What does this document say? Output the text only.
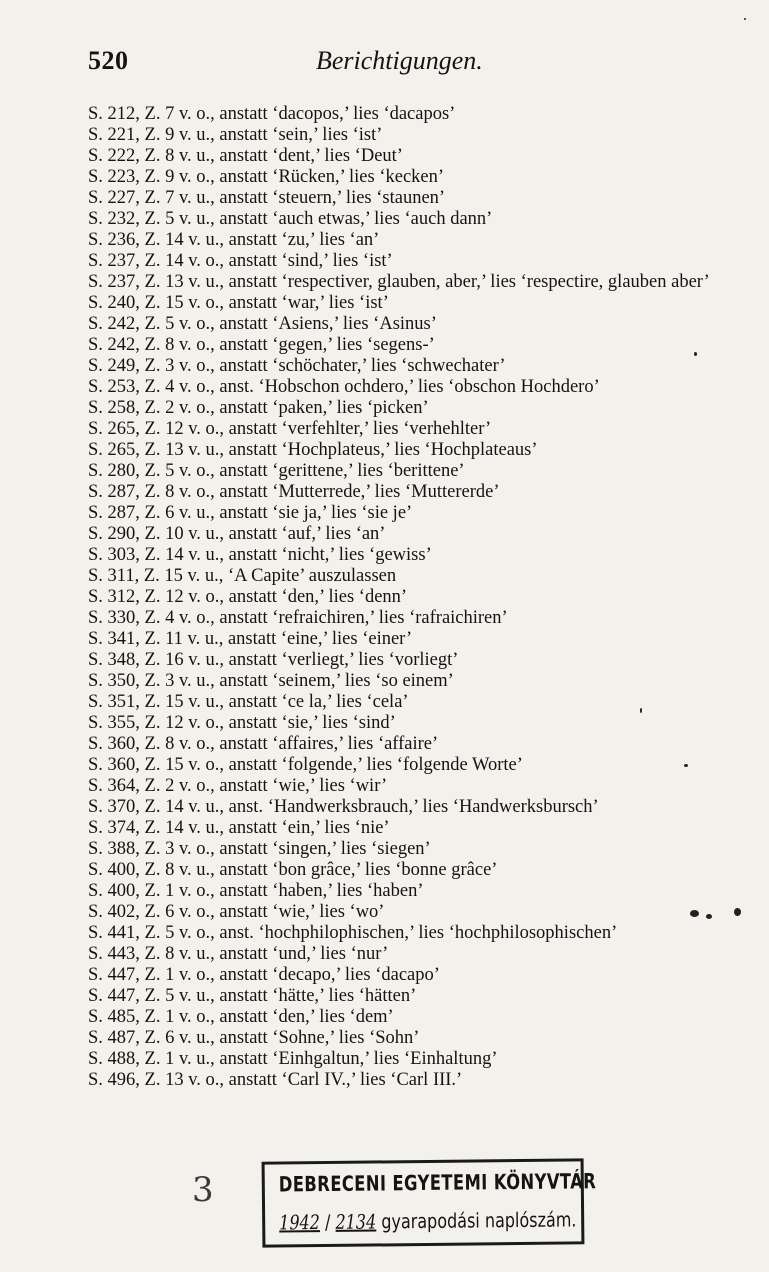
520	Berichtigungen.
S. 212, Z. 7 v. o., anstatt ‘dacopos,’ lies ‘dacapos’
S. 221, Z. 9 v. u., anstatt ‘sein,’ lies ‘ist’
S. 222, Z. 8 v. u., anstatt ‘dent,’ lies ‘Deut’
S. 223, Z. 9 v. o., anstatt ‘Rücken,’ lies ‘kecken’
S. 227, Z. 7 v. u., anstatt ‘steuern,’ lies ‘staunen’
S. 232, Z. 5 v. u., anstatt ‘auch etwas,’ lies ‘auch dann’
S. 236, Z. 14 v. u., anstatt ‘zu,’ lies ‘an’
S. 237, Z. 14 v. o., anstatt ‘sind,’ lies ‘ist’
S. 237, Z. 13 v. u., anstatt ‘respectiver, glauben, aber,’ lies ‘respectire, glauben aber’
S. 240, Z. 15 v. o., anstatt ‘war,’ lies ‘ist’
S. 242, Z. 5 v. o., anstatt ‘Asiens,’ lies ‘Asinus’
S. 242, Z. 8 v. o., anstatt ‘gegen,’ lies ‘segens-’
S. 249, Z. 3 v. o., anstatt ‘schöchater,’ lies ‘schwechater’
S. 253, Z. 4 v. o., anst. ‘Hobschon ochdero,’ lies ‘obschon Hochdero’
S. 258, Z. 2 v. o., anstatt ‘paken,’ lies ‘picken’
S. 265, Z. 12 v. o., anstatt ‘verfehlter,’ lies ‘verhehlter’
S. 265, Z. 13 v. u., anstatt ‘Hochplateus,’ lies ‘Hochplateaus’
S. 280, Z. 5 v. o., anstatt ‘gerittene,’ lies ‘berittene’
S. 287, Z. 8 v. o., anstatt ‘Mutterrede,’ lies ‘Muttererde’
S. 287, Z. 6 v. u., anstatt ‘sie ja,’ lies ‘sie je’
S. 290, Z. 10 v. u., anstatt ‘auf,’ lies ‘an’
S. 303, Z. 14 v. u., anstatt ‘nicht,’ lies ‘gewiss’
S. 311, Z. 15 v. u., ‘A Capite’ auszulassen
S. 312, Z. 12 v. o., anstatt ‘den,’ lies ‘denn’
S. 330, Z. 4 v. o., anstatt ‘refraichiren,’ lies ‘rafraichiren’
S. 341, Z. 11 v. u., anstatt ‘eine,’ lies ‘einer’
S. 348, Z. 16 v. u., anstatt ‘verliegt,’ lies ‘vorliegt’
S. 350, Z. 3 v. u., anstatt ‘seinem,’ lies ‘so einem’
S. 351, Z. 15 v. u., anstatt ‘ce la,’ lies ‘cela’
S. 355, Z. 12 v. o., anstatt ‘sie,’ lies ‘sind’
S. 360, Z. 8 v. o., anstatt ‘affaires,’ lies ‘affaire’
S. 360, Z. 15 v. o., anstatt ‘folgende,’ lies ‘folgende Worte’
S. 364, Z. 2 v. o., anstatt ‘wie,’ lies ‘wir’
S. 370, Z. 14 v. u., anst. ‘Handwerksbrauch,’ lies ‘Handwerksbursch’
S. 374, Z. 14 v. u., anstatt ‘ein,’ lies ‘nie’
S. 388, Z. 3 v. o., anstatt ‘singen,’ lies ‘siegen’
S. 400, Z. 8 v. u., anstatt ‘bon grâce,’ lies ‘bonne grâce’
S. 400, Z. 1 v. o., anstatt ‘haben,’ lies ‘haben’
S. 402, Z. 6 v. o., anstatt ‘wie,’ lies ‘wo’
S. 441, Z. 5 v. o., anst. ‘hochphilophischen,’ lies ‘hochphilosophischen’
S. 443, Z. 8 v. u., anstatt ‘und,’ lies ‘nur’
S. 447, Z. 1 v. o., anstatt ‘decapo,’ lies ‘dacapo’
S. 447, Z. 5 v. u., anstatt ‘hätte,’ lies ‘hätten’
S. 485, Z. 1 v. o., anstatt ‘den,’ lies ‘dem’
S. 487, Z. 6 v. u., anstatt ‘Sohne,’ lies ‘Sohn’
S. 488, Z. 1 v. u., anstatt ‘Einhgaltun,’ lies ‘Einhaltung’
S. 496, Z. 13 v. o., anstatt ‘Carl IV.,’ lies ‘Carl III.’
3	DEBRECENI EGYETEMI KÖNYVTÁR
1942 / 2134 gyarapodási naplószám.
